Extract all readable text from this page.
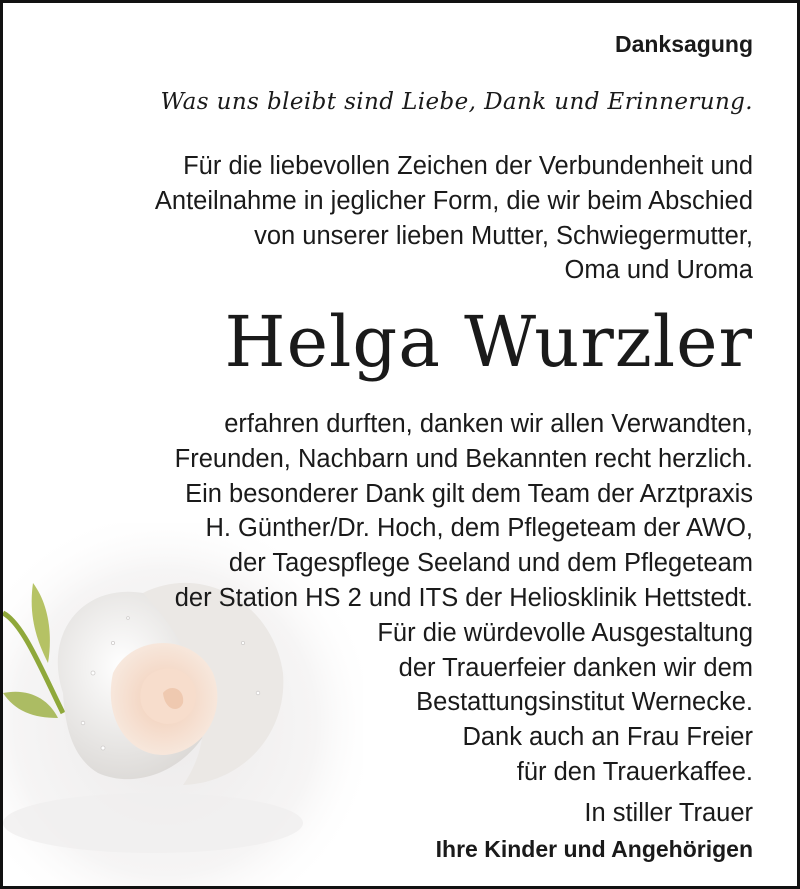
Danksagung

Was uns bleibt sind Liebe, Dank und Erinnerung.

Für die liebevollen Zeichen der Verbundenheit und
Anteilnahme in jeglicher Form, die wir beim Abschied
von unserer lieben Mutter, Schwiegermutter,
Oma und Uroma

Helga Wurzler

erfahren durften, danken wir allen Verwandten,
Freunden, Nachbarn und Bekannten recht herzlich.
Ein besonderer Dank gilt dem Team der Arztpraxis
H. Günther/Dr. Hoch, dem Pflegeteam der AWO,
der Tagespflege Seeland und dem Pflegeteam
der Station HS 2 und ITS der Heliosklinik Hettstedt.
Für die würdevolle Ausgestaltung
der Trauerfeier danken wir dem
Bestattungsinstitut Wernecke.
Dank auch an Frau Freier
für den Trauerkaffee.

In stiller Trauer
Ihre Kinder und Angehörigen
